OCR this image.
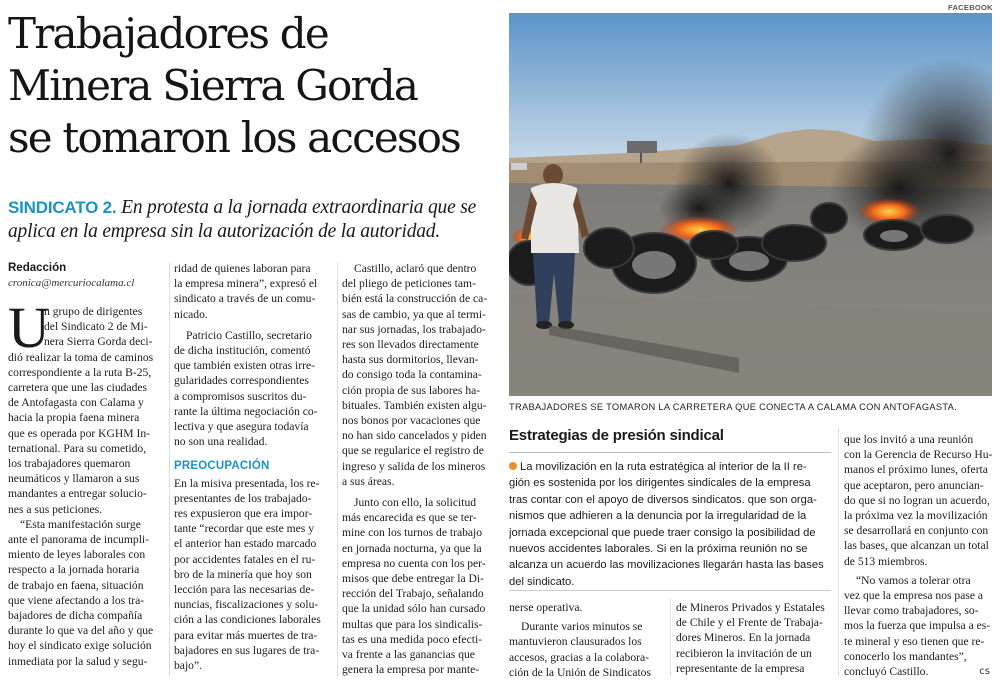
Trabajadores de
Minera Sierra Gorda
se tomaron los accesos
SINDICATO 2. En protesta a la jornada extraordinaria que se
aplica en la empresa sin la autorización de la autoridad.
Redacción
cronica@mercuriocalama.cl
U

n grupo de dirigentes
del Sindicato 2 de Mi-
nera Sierra Gorda deci-
dió realizar la toma de caminos
correspondiente a la ruta B-25,
carretera que une las ciudades
de Antofagasta con Calama y
hacia la propia faena minera
que es operada por KGHM In-
ternational. Para su cometido,
los trabajadores quemaron
neumáticos y llamaron a sus
mandantes a entregar solucio-
nes a sus peticiones.

“Esta manifestación surge
ante el panorama de incumpli-
miento de leyes laborales con
respecto a la jornada horaria
de trabajo en faena, situación
que viene afectando a los tra-
bajadores de dicha compañía
durante lo que va del año y que
hoy el sindicato exige solución
inmediata por la salud y segu-

ridad de quienes laboran para
la empresa minera”, expresó el
sindicato a través de un comu-
nicado.

Patricio Castillo, secretario
de dicha institución, comentó
que también existen otras irre-
gularidades correspondientes
a compromisos suscritos du-
rante la última negociación co-
lectiva y que asegura todavía
no son una realidad.

PREOCUPACIÓN

En la misiva presentada, los re-
presentantes de los trabajado-
res expusieron que era impor-
tante “recordar que este mes y
el anterior han estado marcado
por accidentes fatales en el ru-
bro de la minería que hoy son
lección para las necesarias de-
nuncias, fiscalizaciones y solu-
ción a las condiciones laborales
para evitar más muertes de tra-
bajadores en sus lugares de tra-
bajo”.

Castillo, aclaró que dentro
del pliego de peticiones tam-
bién está la construcción de ca-
sas de cambio, ya que al termi-
nar sus jornadas, los trabajado-
res son llevados directamente
hasta sus dormitorios, llevan-
do consigo toda la contamina-
ción propia de sus labores ha-
bituales. También existen algu-
nos bonos por vacaciones que
no han sido cancelados y piden
que se regularice el registro de
ingreso y salida de los mineros
a sus áreas.

Junto con ello, la solicitud
más encarecida es que se ter-
mine con los turnos de trabajo
en jornada nocturna, ya que la
empresa no cuenta con los per-
misos que debe entregar la Di-
rección del Trabajo, señalando
que la unidad sólo han cursado
multas que para los sindicalis-
tas es una medida poco efecti-
va frente a las ganancias que
genera la empresa por mante-

FACEBOOK
TRABAJADORES SE TOMARON LA CARRETERA QUE CONECTA A CALAMA CON ANTOFAGASTA.
Estrategias de presión sindical
La movilización en la ruta estratégica al interior de la II re-
gión es sostenida por los dirigentes sindicales de la empresa
tras contar con el apoyo de diversos sindicatos. que son orga-
nismos que adhieren a la denuncia por la irregularidad de la
jornada excepcional que puede traer consigo la posibilidad de
nuevos accidentes laborales. Si en la próxima reunión no se
alcanza un acuerdo las movilizaciones llegarán hasta las bases
del sindicato.

nerse operativa.

Durante varios minutos se
mantuvieron clausurados los
accesos, gracias a la colabora-
ción de la Unión de Sindicatos

de Mineros Privados y Estatales
de Chile y el Frente de Trabaja-
dores Mineros. En la jornada
recibieron la invitación de un
representante de la empresa

que los invitó a una reunión
con la Gerencia de Recurso Hu-
manos el próximo lunes, oferta
que aceptaron, pero anuncian-
do que si no logran un acuerdo,
la próxima vez la movilización
se desarrollará en conjunto con
las bases, que alcanzan un total
de 513 miembros.

“No vamos a tolerar otra
vez que la empresa nos pase a
llevar como trabajadores, so-
mos la fuerza que impulsa a es-
te mineral y eso tienen que re-
conocerlo los mandantes”,
concluyó Castillo.	cs
